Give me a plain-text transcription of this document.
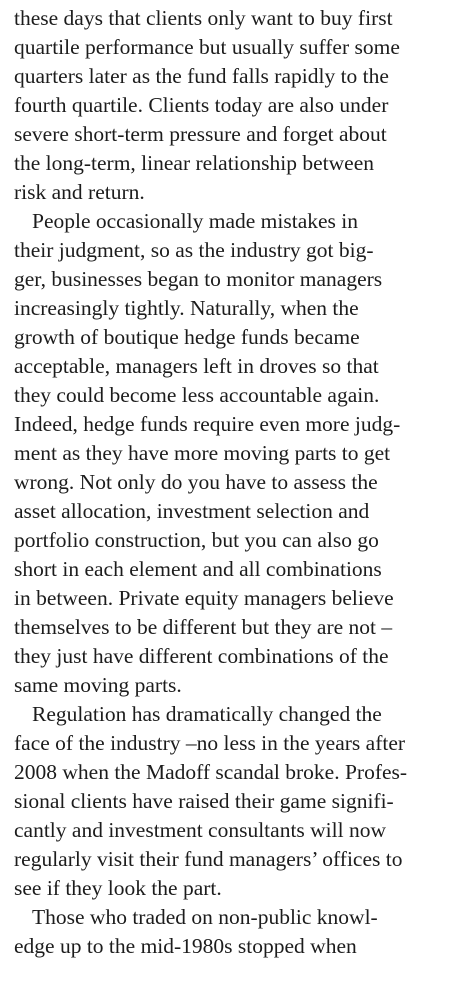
these days that clients only want to buy first
quartile performance but usually suffer some
quarters later as the fund falls rapidly to the
fourth quartile. Clients today are also under
severe short-term pressure and forget about
the long-term, linear relationship between
risk and return.
People occasionally made mistakes in
their judgment, so as the industry got big-
ger, businesses began to monitor managers
increasingly tightly. Naturally, when the
growth of boutique hedge funds became
acceptable, managers left in droves so that
they could become less accountable again.
Indeed, hedge funds require even more judg-
ment as they have more moving parts to get
wrong. Not only do you have to assess the
asset allocation, investment selection and
portfolio construction, but you can also go
short in each element and all combinations
in between. Private equity managers believe
themselves to be different but they are not –
they just have different combinations of the
same moving parts.
Regulation has dramatically changed the
face of the industry –no less in the years after
2008 when the Madoff scandal broke. Profes-
sional clients have raised their game signifi-
cantly and investment consultants will now
regularly visit their fund managers’ offices to
see if they look the part.
Those who traded on non-public knowl-
edge up to the mid-1980s stopped when
